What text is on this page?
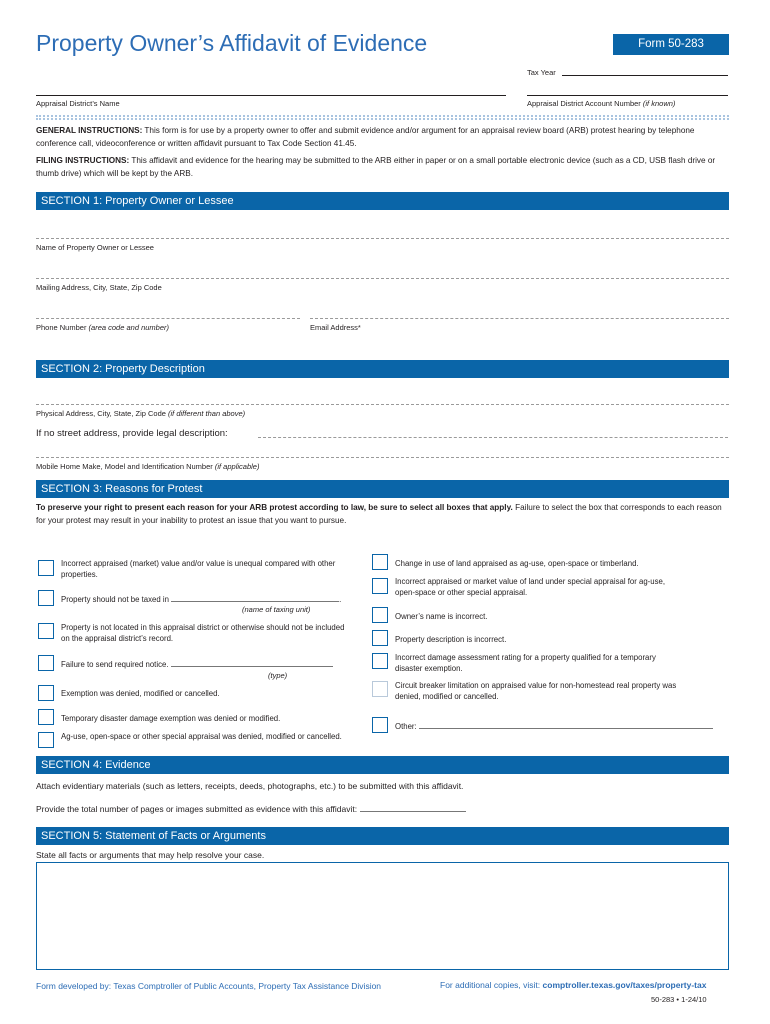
Property Owner’s Affidavit of Evidence	Form 50-283
Tax Year
Appraisal District’s Name	Appraisal District Account Number (if known)
GENERAL INSTRUCTIONS: This form is for use by a property owner to offer and submit evidence and/or argument for an appraisal review board (ARB) protest hearing by telephone conference call, videoconference or written affidavit pursuant to Tax Code Section 41.45.
FILING INSTRUCTIONS: This affidavit and evidence for the hearing may be submitted to the ARB either in paper or on a small portable electronic device (such as a CD, USB flash drive or thumb drive) which will be kept by the ARB.
SECTION 1: Property Owner or Lessee
Name of Property Owner or Lessee
Mailing Address, City, State, Zip Code
Phone Number (area code and number)	Email Address*
SECTION 2: Property Description
Physical Address, City, State, Zip Code (if different than above)
If no street address, provide legal description:
Mobile Home Make, Model and Identification Number (if applicable)
SECTION 3: Reasons for Protest
To preserve your right to present each reason for your ARB protest according to law, be sure to select all boxes that apply. Failure to select the box that corresponds to each reason for your protest may result in your inability to protest an issue that you want to pursue.
Incorrect appraised (market) value and/or value is unequal compared with other properties.
Property should not be taxed in	.
(name of taxing unit)
Property is not located in this appraisal district or otherwise should not be included on the appraisal district’s record.
Failure to send required notice.
(type)
Exemption was denied, modified or cancelled.
Temporary disaster damage exemption was denied or modified.
Ag-use, open-space or other special appraisal was denied, modified or cancelled.
Change in use of land appraised as ag-use, open-space or timberland.
Incorrect appraised or market value of land under special appraisal for ag-use, open-space or other special appraisal.
Owner’s name is incorrect.
Property description is incorrect.
Incorrect damage assessment rating for a property qualified for a temporary disaster exemption.
Circuit breaker limitation on appraised value for non-homestead real property was denied, modified or cancelled.
Other:
SECTION 4: Evidence
Attach evidentiary materials (such as letters, receipts, deeds, photographs, etc.) to be submitted with this affidavit.
Provide the total number of pages or images submitted as evidence with this affidavit:
SECTION 5: Statement of Facts or Arguments
State all facts or arguments that may help resolve your case.
Form developed by: Texas Comptroller of Public Accounts, Property Tax Assistance Division	For additional copies, visit: comptroller.texas.gov/taxes/property-tax
50-283 • 1-24/10
